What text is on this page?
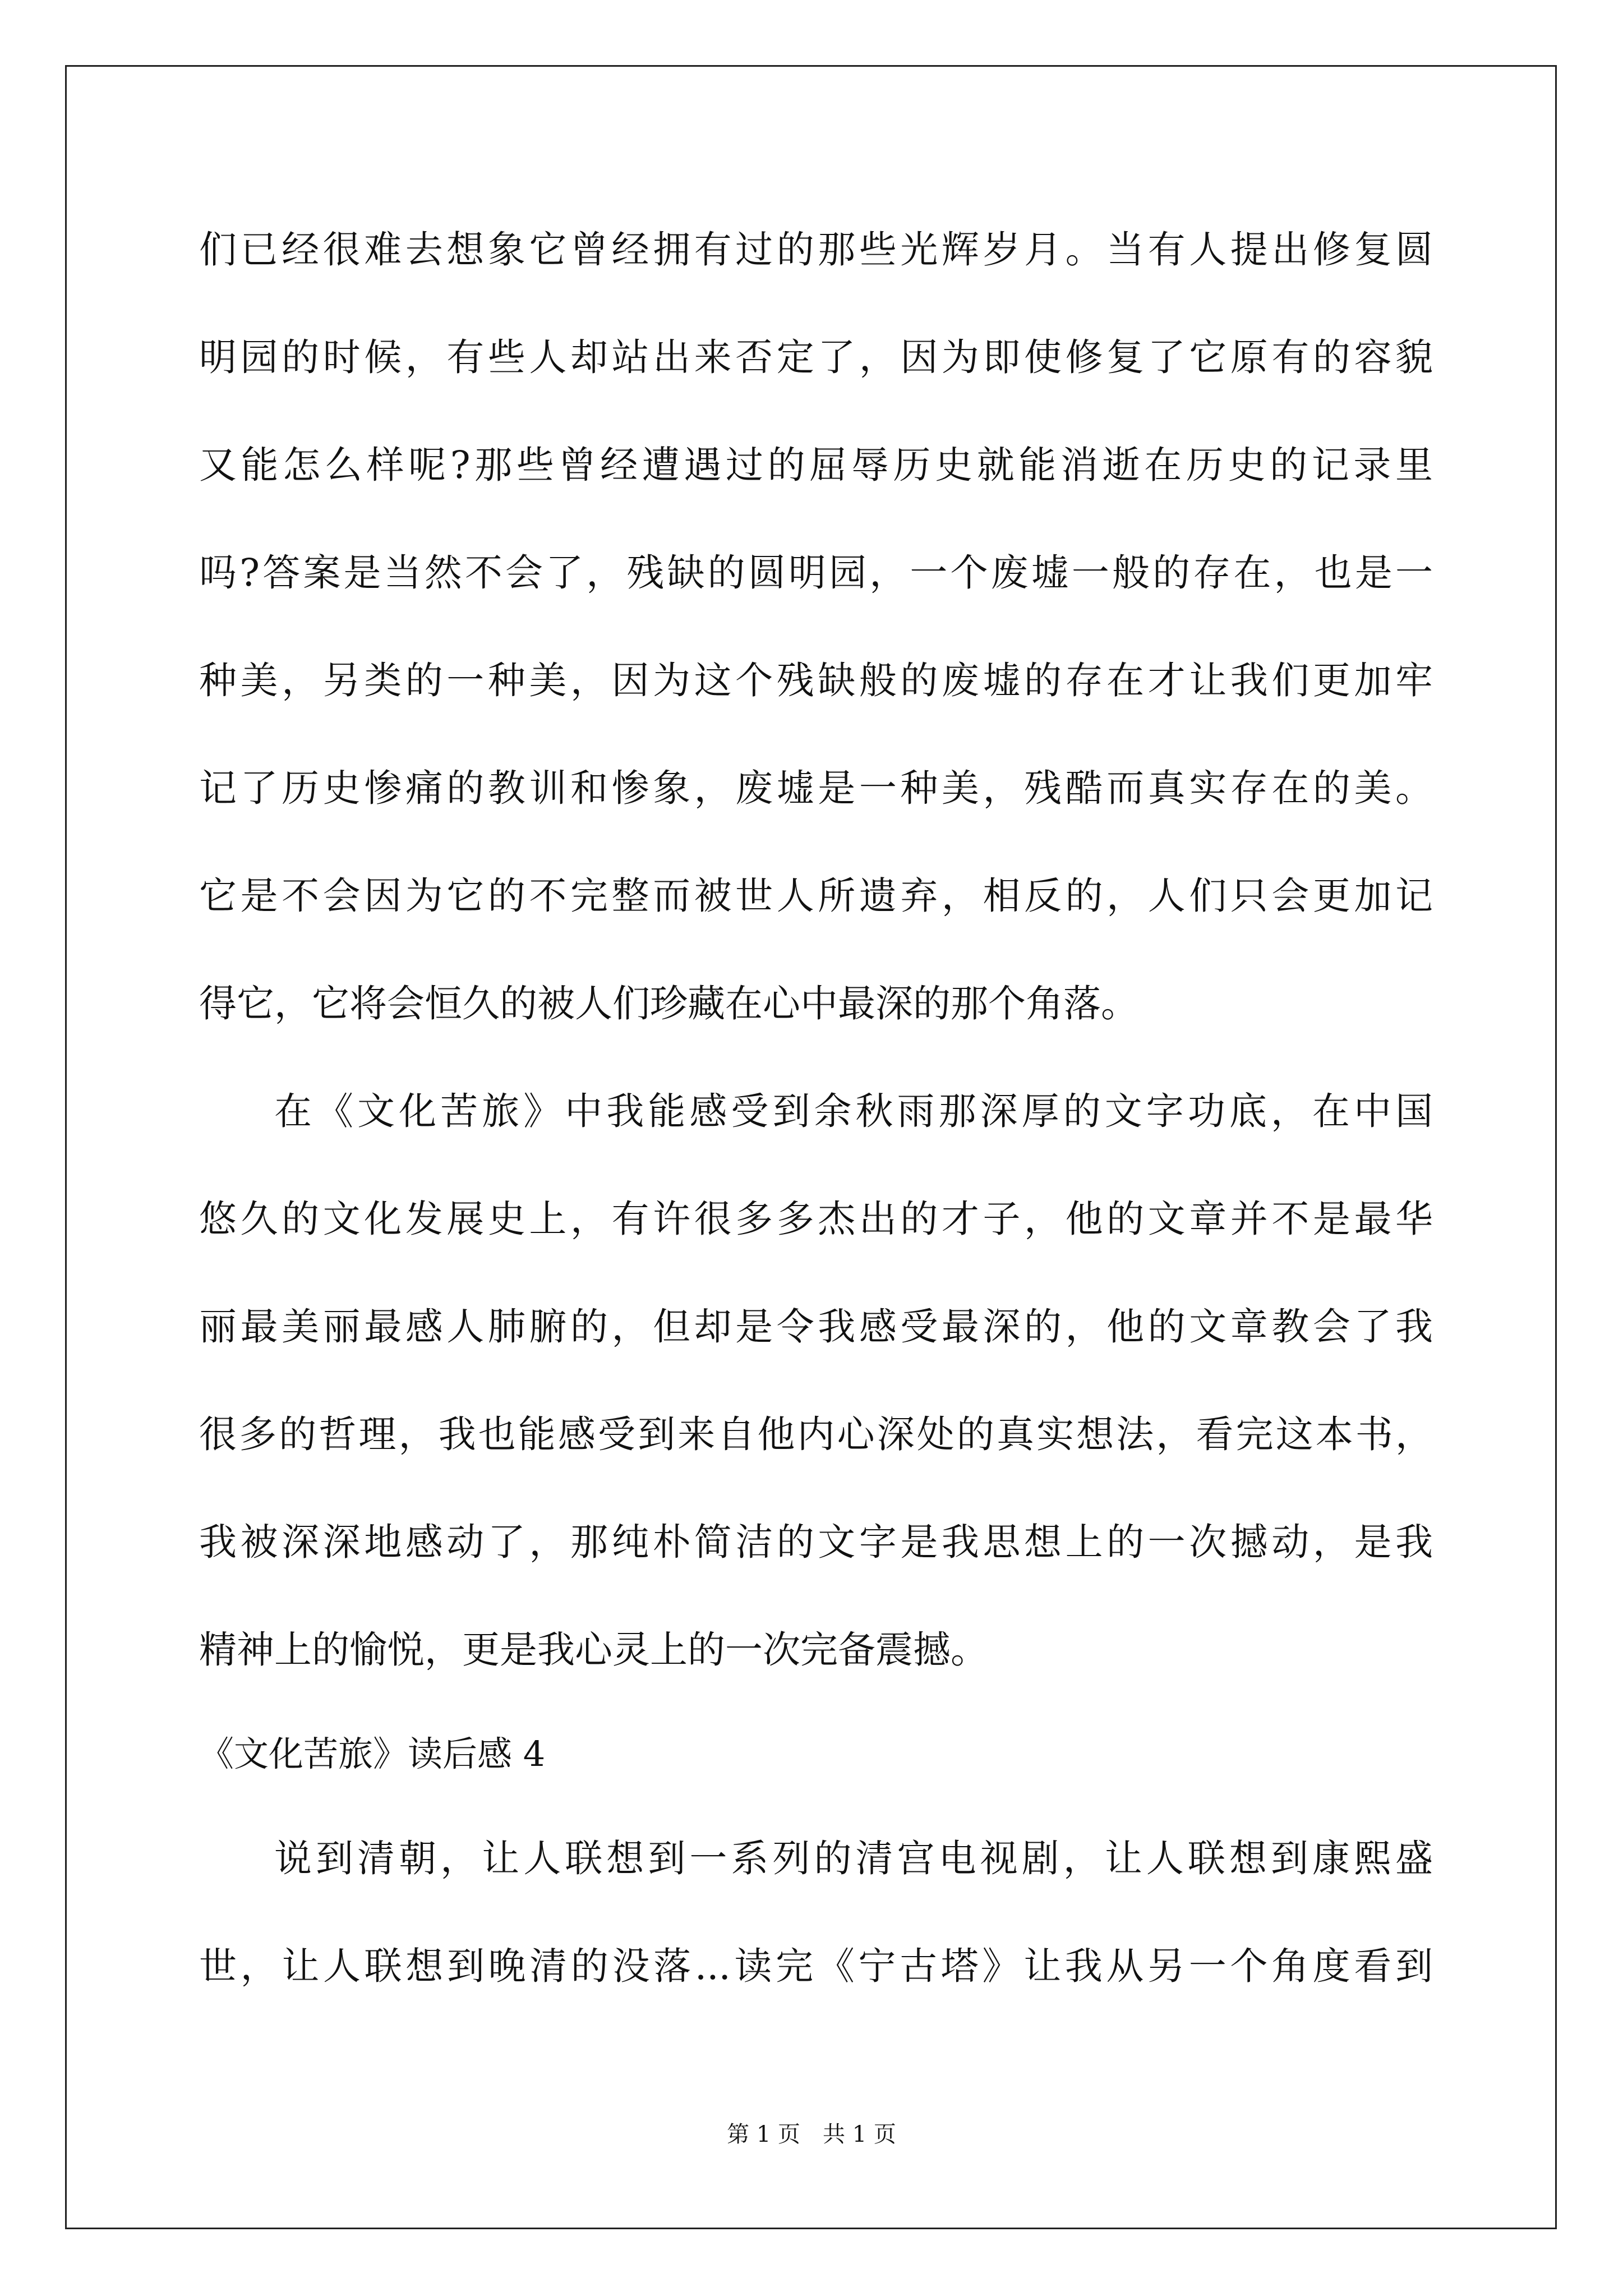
们已经很难去想象它曾经拥有过的那些光辉岁月。当有人提出修复圆
明园的时候，有些人却站出来否定了，因为即使修复了它原有的容貌
又能怎么样呢?那些曾经遭遇过的屈辱历史就能消逝在历史的记录里
吗?答案是当然不会了，残缺的圆明园，一个废墟一般的存在，也是一
种美，另类的一种美，因为这个残缺般的废墟的存在才让我们更加牢
记了历史惨痛的教训和惨象，废墟是一种美，残酷而真实存在的美。
它是不会因为它的不完整而被世人所遗弃，相反的，人们只会更加记
得它，它将会恒久的被人们珍藏在心中最深的那个角落。
在《文化苦旅》中我能感受到余秋雨那深厚的文字功底，在中国
悠久的文化发展史上，有许很多多杰出的才子，他的文章并不是最华
丽最美丽最感人肺腑的，但却是令我感受最深的，他的文章教会了我
很多的哲理，我也能感受到来自他内心深处的真实想法，看完这本书，
我被深深地感动了，那纯朴简洁的文字是我思想上的一次撼动，是我
精神上的愉悦，更是我心灵上的一次完备震撼。
《文化苦旅》读后感 4
说到清朝，让人联想到一系列的清宫电视剧，让人联想到康熙盛
世，让人联想到晚清的没落...读完《宁古塔》让我从另一个角度看到
第 1 页　共 1 页
